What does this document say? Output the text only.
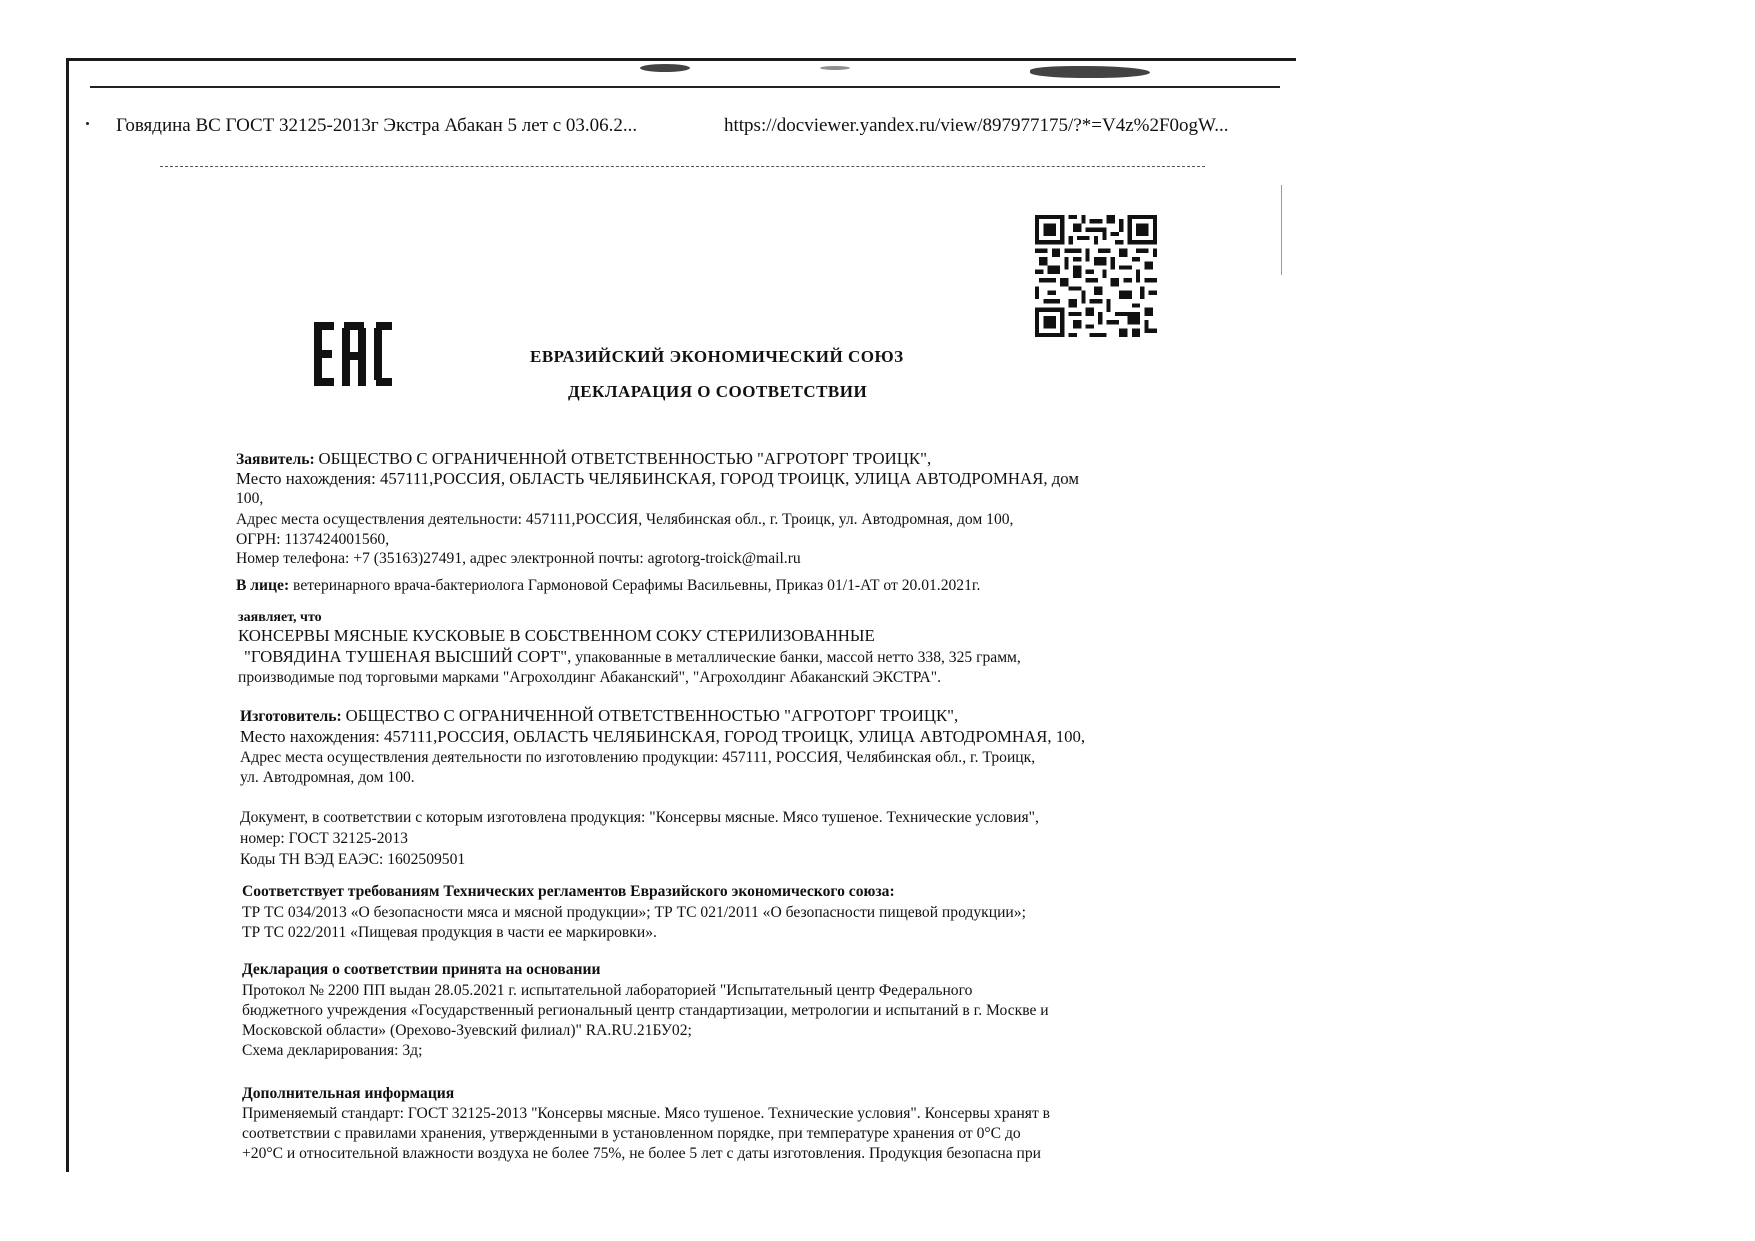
Говядина ВС ГОСТ 32125-2013г Экстра Абакан 5 лет с 03.06.2...	https://docviewer.yandex.ru/view/897977175/?*=V4z%2F0ogW...
ЕВРАЗИЙСКИЙ ЭКОНОМИЧЕСКИЙ СОЮЗ
ДЕКЛАРАЦИЯ О СООТВЕТСТВИИ
Заявитель: ОБЩЕСТВО С ОГРАНИЧЕННОЙ ОТВЕТСТВЕННОСТЬЮ "АГРОТОРГ ТРОИЦК",
Место нахождения: 457111,РОССИЯ, ОБЛАСТЬ ЧЕЛЯБИНСКАЯ, ГОРОД ТРОИЦК, УЛИЦА АВТОДРОМНАЯ, дом
100,
Адрес места осуществления деятельности: 457111,РОССИЯ, Челябинская обл., г. Троицк, ул. Автодромная, дом 100,
ОГРН: 1137424001560,
Номер телефона: +7 (35163)27491, адрес электронной почты: agrotorg-troick@mail.ru
В лице: ветеринарного врача-бактериолога Гармоновой Серафимы Васильевны, Приказ 01/1-АТ от 20.01.2021г.
заявляет, что
КОНСЕРВЫ МЯСНЫЕ КУСКОВЫЕ В СОБСТВЕННОМ СОКУ СТЕРИЛИЗОВАННЫЕ
"ГОВЯДИНА ТУШЕНАЯ ВЫСШИЙ СОРТ", упакованные в металлические банки, массой нетто 338, 325 грамм,
производимые под торговыми марками "Агрохолдинг Абаканский", "Агрохолдинг Абаканский ЭКСТРА".
Изготовитель: ОБЩЕСТВО С ОГРАНИЧЕННОЙ ОТВЕТСТВЕННОСТЬЮ "АГРОТОРГ ТРОИЦК",
Место нахождения: 457111,РОССИЯ, ОБЛАСТЬ ЧЕЛЯБИНСКАЯ, ГОРОД ТРОИЦК, УЛИЦА АВТОДРОМНАЯ, 100,
Адрес места осуществления деятельности по изготовлению продукции: 457111, РОССИЯ, Челябинская обл., г. Троицк,
ул. Автодромная, дом 100.
Документ, в соответствии с которым изготовлена продукция: "Консервы мясные. Мясо тушеное. Технические условия",
номер: ГОСТ 32125-2013
Коды ТН ВЭД ЕАЭС: 1602509501
Соответствует требованиям Технических регламентов Евразийского экономического союза:
ТР ТС 034/2013 «О безопасности мяса и мясной продукции»; ТР ТС 021/2011 «О безопасности пищевой продукции»;
ТР ТС 022/2011 «Пищевая продукция в части ее маркировки».
Декларация о соответствии принята на основании
Протокол № 2200 ПП выдан 28.05.2021 г. испытательной лабораторией "Испытательный центр Федерального
бюджетного учреждения «Государственный региональный центр стандартизации, метрологии и испытаний в г. Москве и
Московской области» (Орехово-Зуевский филиал)" RA.RU.21БУ02;
Схема декларирования: 3д;
Дополнительная информация
Применяемый стандарт: ГОСТ 32125-2013 "Консервы мясные. Мясо тушеное. Технические условия". Консервы хранят в
соответствии с правилами хранения, утвержденными в установленном порядке, при температуре хранения от 0°С до
+20°С и относительной влажности воздуха не более 75%, не более 5 лет с даты изготовления. Продукция безопасна при
